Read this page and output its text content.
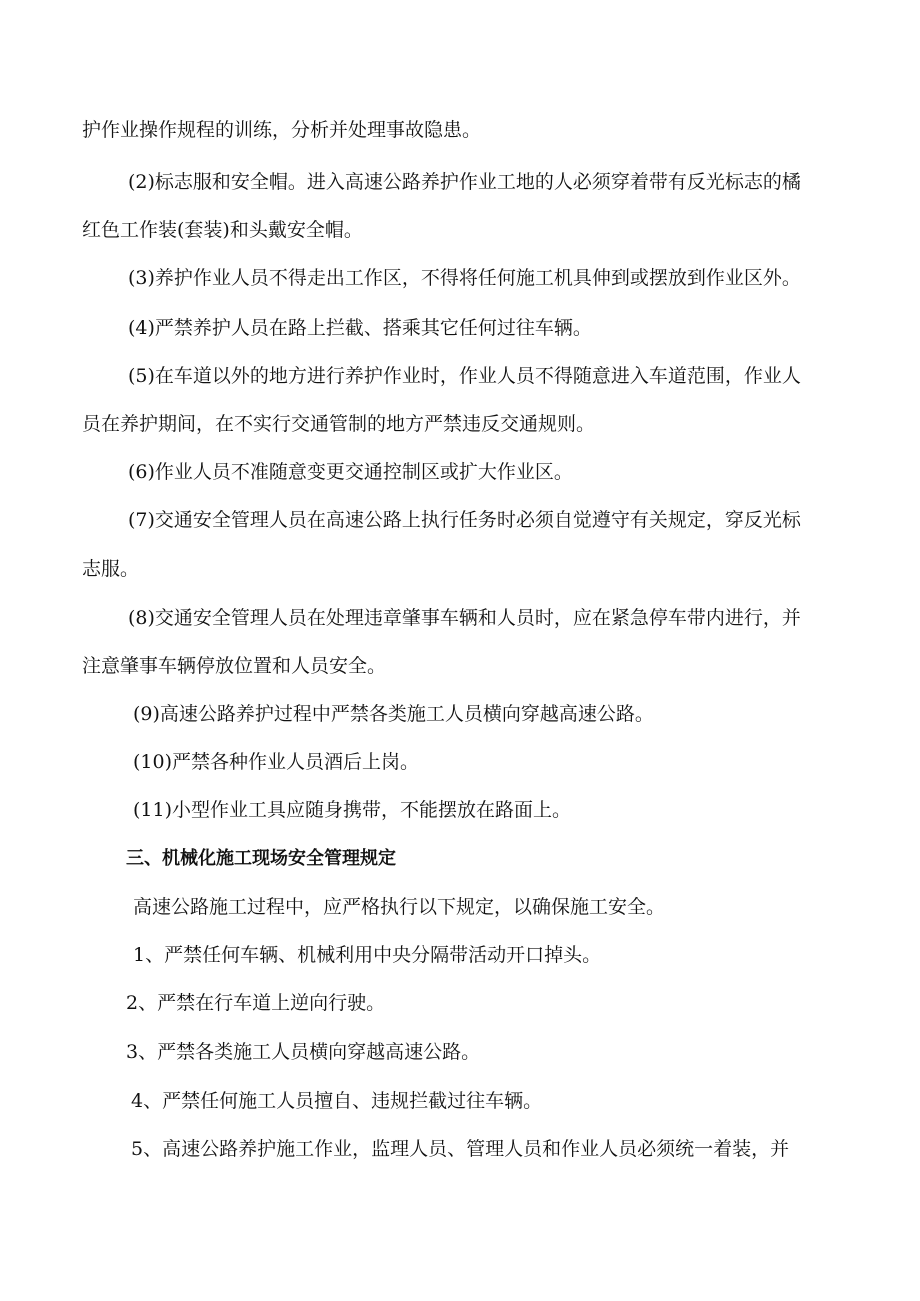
护作业操作规程的训练，分析并处理事故隐患。
(2)标志服和安全帽。进入高速公路养护作业工地的人必须穿着带有反光标志的橘
红色工作装(套装)和头戴安全帽。
(3)养护作业人员不得走出工作区，不得将任何施工机具伸到或摆放到作业区外。
(4)严禁养护人员在路上拦截、搭乘其它任何过往车辆。
(5)在车道以外的地方进行养护作业时，作业人员不得随意进入车道范围，作业人
员在养护期间，在不实行交通管制的地方严禁违反交通规则。
(6)作业人员不准随意变更交通控制区或扩大作业区。
(7)交通安全管理人员在高速公路上执行任务时必须自觉遵守有关规定，穿反光标
志服。
(8)交通安全管理人员在处理违章肇事车辆和人员时，应在紧急停车带内进行，并
注意肇事车辆停放位置和人员安全。
(9)高速公路养护过程中严禁各类施工人员横向穿越高速公路。
(10)严禁各种作业人员酒后上岗。
(11)小型作业工具应随身携带，不能摆放在路面上。
三、机械化施工现场安全管理规定
高速公路施工过程中，应严格执行以下规定，以确保施工安全。
1、严禁任何车辆、机械利用中央分隔带活动开口掉头。
2、严禁在行车道上逆向行驶。
3、严禁各类施工人员横向穿越高速公路。
4、严禁任何施工人员擅自、违规拦截过往车辆。
5、高速公路养护施工作业，监理人员、管理人员和作业人员必须统一着装，并
